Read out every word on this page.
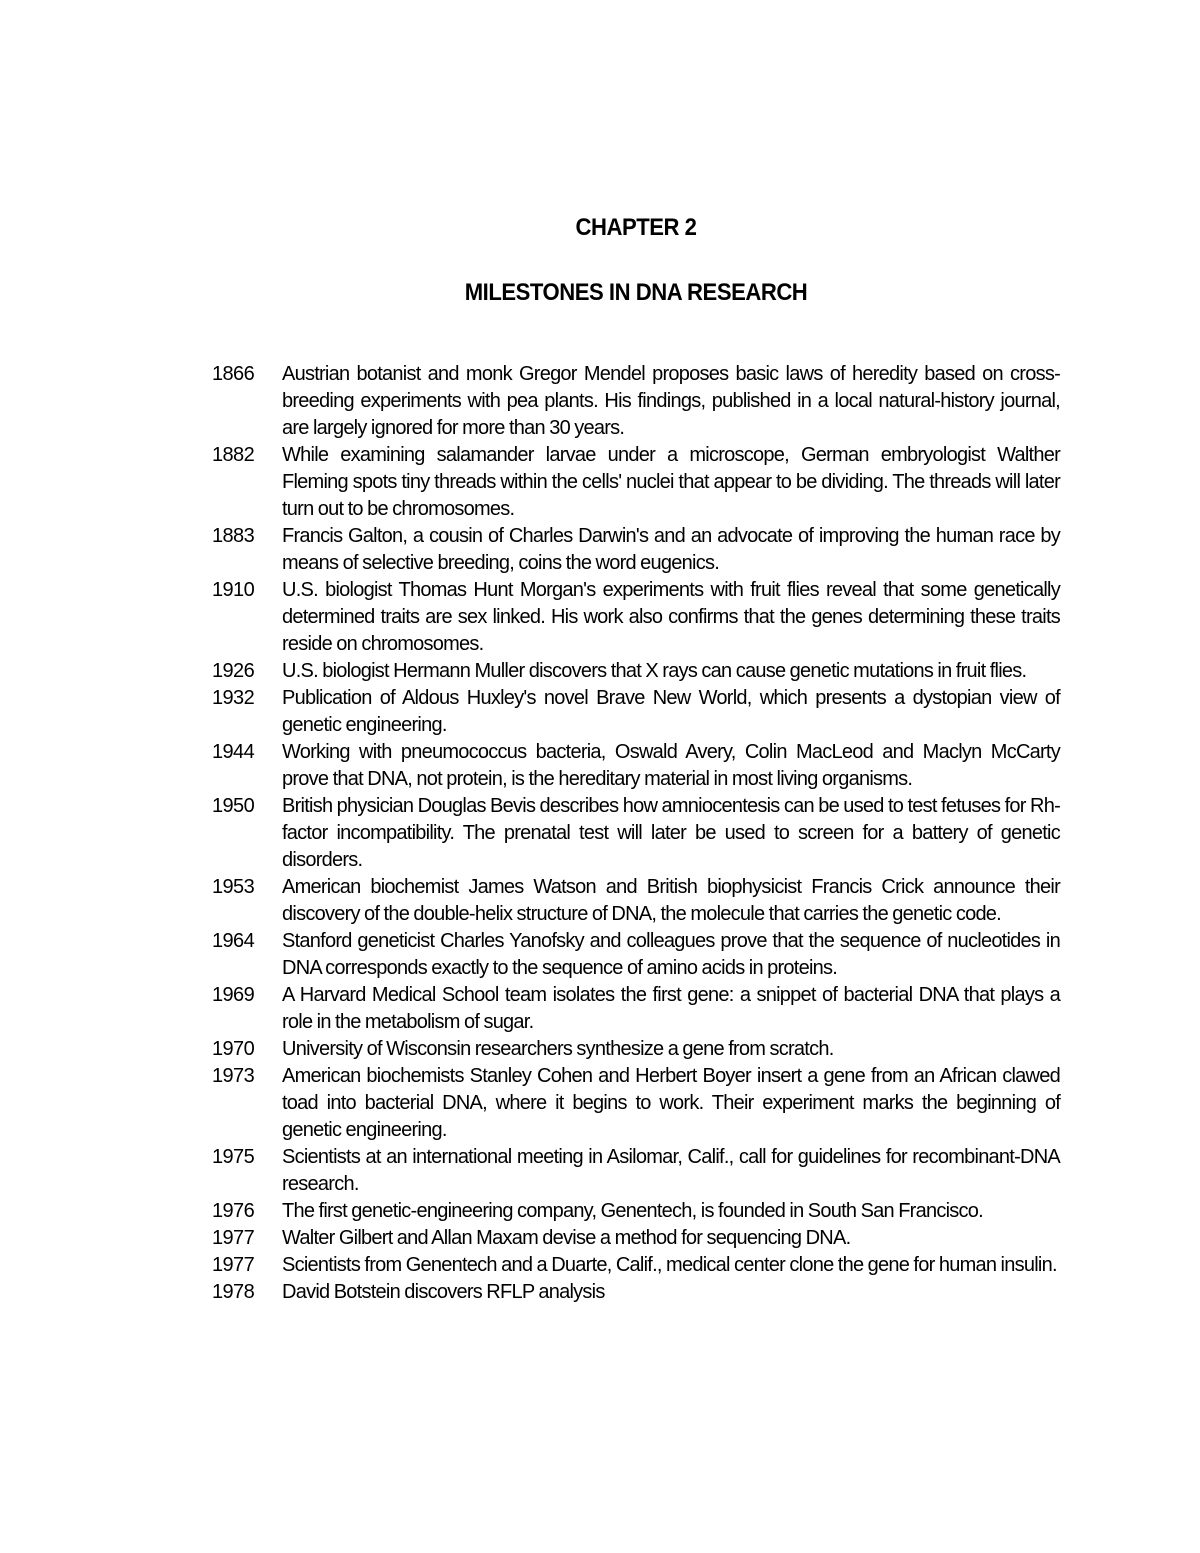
CHAPTER 2
MILESTONES IN DNA RESEARCH
1866	Austrian botanist and monk Gregor Mendel proposes basic laws of heredity based on cross-breeding experiments with pea plants. His findings, published in a local natural-history journal, are largely ignored for more than 30 years.
1882	While examining salamander larvae under a microscope, German embryologist Walther Fleming spots tiny threads within the cells' nuclei that appear to be dividing. The threads will later turn out to be chromosomes.
1883	Francis Galton, a cousin of Charles Darwin's and an advocate of improving the human race by means of selective breeding, coins the word eugenics.
1910	U.S. biologist Thomas Hunt Morgan's experiments with fruit flies reveal that some genetically determined traits are sex linked. His work also confirms that the genes determining these traits reside on chromosomes.
1926	U.S. biologist Hermann Muller discovers that X rays can cause genetic mutations in fruit flies.
1932	Publication of Aldous Huxley's novel Brave New World, which presents a dystopian view of genetic engineering.
1944	Working with pneumococcus bacteria, Oswald Avery, Colin MacLeod and Maclyn McCarty prove that DNA, not protein, is the hereditary material in most living organisms.
1950	British physician Douglas Bevis describes how amniocentesis can be used to test fetuses for Rh-factor incompatibility. The prenatal test will later be used to screen for a battery of genetic disorders.
1953	American biochemist James Watson and British biophysicist Francis Crick announce their discovery of the double-helix structure of DNA, the molecule that carries the genetic code.
1964	Stanford geneticist Charles Yanofsky and colleagues prove that the sequence of nucleotides in DNA corresponds exactly to the sequence of amino acids in proteins.
1969	A Harvard Medical School team isolates the first gene: a snippet of bacterial DNA that plays a role in the metabolism of sugar.
1970	University of Wisconsin researchers synthesize a gene from scratch.
1973	American biochemists Stanley Cohen and Herbert Boyer insert a gene from an African clawed toad into bacterial DNA, where it begins to work. Their experiment marks the beginning of genetic engineering.
1975	Scientists at an international meeting in Asilomar, Calif., call for guidelines for recombinant-DNA research.
1976	The first genetic-engineering company, Genentech, is founded in South San Francisco.
1977	Walter Gilbert and Allan Maxam devise a method for sequencing DNA.
1977	Scientists from Genentech and a Duarte, Calif., medical center clone the gene for human insulin.
1978	David Botstein discovers RFLP analysis
